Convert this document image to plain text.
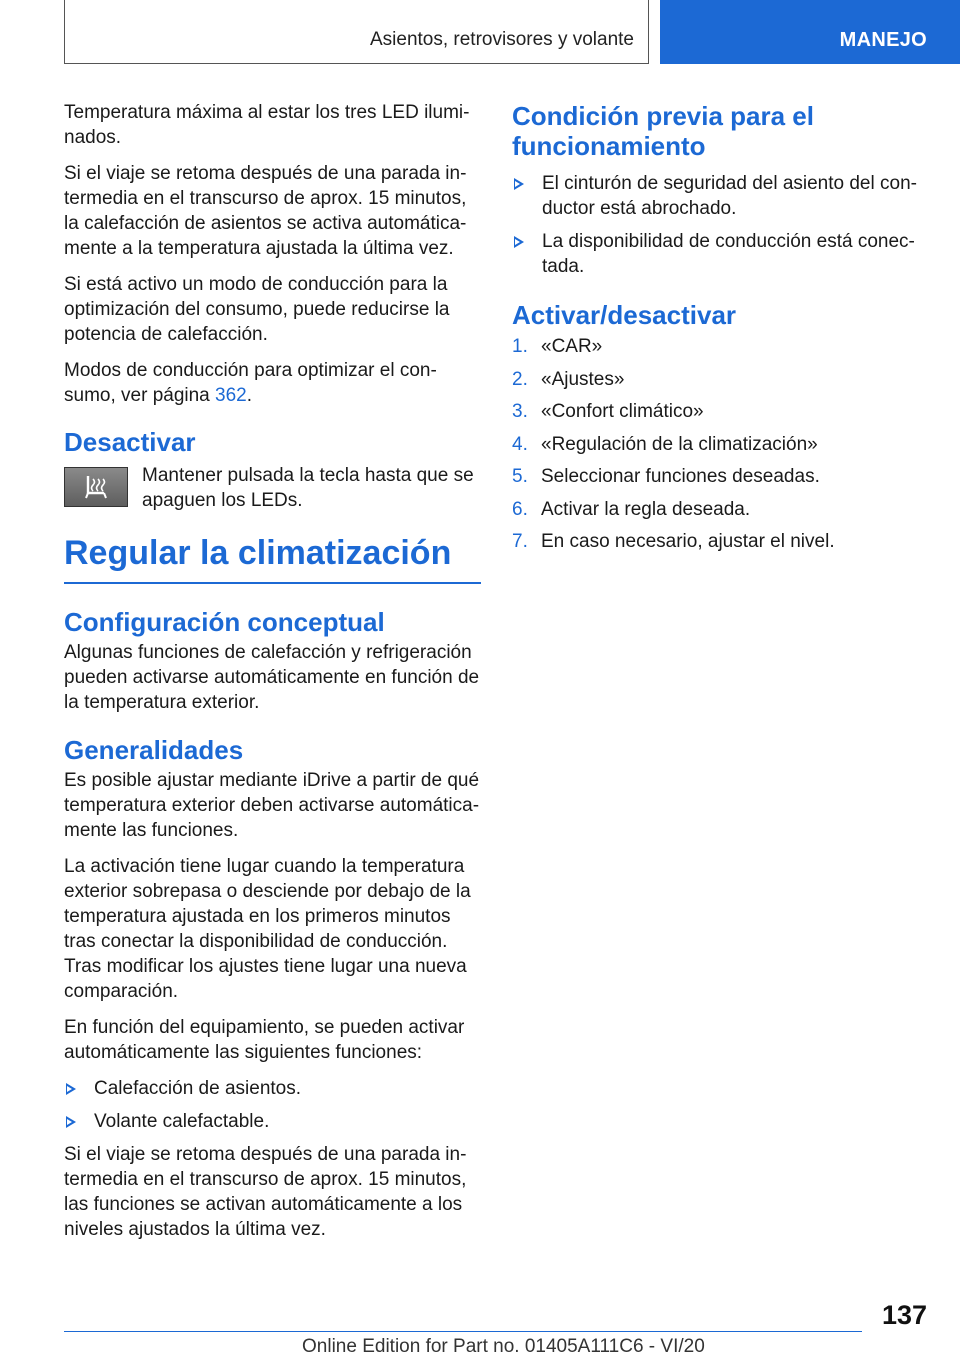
Asientos, retrovisores y volante	MANEJO

Temperatura máxima al estar los tres LED ilumi‐ nados.

Si el viaje se retoma después de una parada in‐ termedia en el transcurso de aprox. 15 minutos, la calefacción de asientos se activa automática‐ mente a la temperatura ajustada la última vez.

Si está activo un modo de conducción para la optimización del consumo, puede reducirse la potencia de calefacción.

Modos de conducción para optimizar el con‐ sumo, ver página 362.

Desactivar

Mantener pulsada la tecla hasta que se apaguen los LEDs.

Regular la climatización
Configuración conceptual

Algunas funciones de calefacción y refrigeración pueden activarse automáticamente en función de la temperatura exterior.

Generalidades

Es posible ajustar mediante iDrive a partir de qué temperatura exterior deben activarse automática‐ mente las funciones.

La activación tiene lugar cuando la temperatura exterior sobrepasa o desciende por debajo de la temperatura ajustada en los primeros minutos tras conectar la disponibilidad de conducción. Tras modificar los ajustes tiene lugar una nueva comparación.

En función del equipamiento, se pueden activar automáticamente las siguientes funciones:

Calefacción de asientos.
Volante calefactable.

Si el viaje se retoma después de una parada in‐ termedia en el transcurso de aprox. 15 minutos, las funciones se activan automáticamente a los niveles ajustados la última vez.

Condición previa para el funcionamiento
El cinturón de seguridad del asiento del con‐ ductor está abrochado.
La disponibilidad de conducción está conec‐ tada.
Activar/desactivar
1. «CAR»
2. «Ajustes»
3. «Confort climático»
4. «Regulación de la climatización»
5. Seleccionar funciones deseadas.
6. Activar la regla deseada.
7. En caso necesario, ajustar el nivel.
137
Online Edition for Part no. 01405A111C6 - VI/20
